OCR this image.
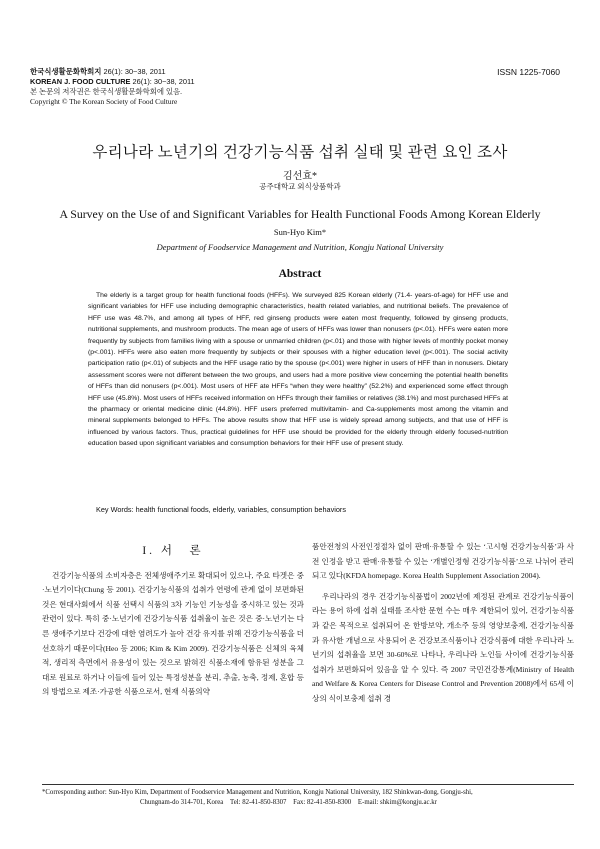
한국식생활문화학회지 26(1): 30~38, 2011
KOREAN J. FOOD CULTURE 26(1): 30~38, 2011
본 논문의 저작권은 한국식생활문화학회에 있음.
Copyright © The Korean Society of Food Culture
ISSN 1225-7060
우리나라 노년기의 건강기능식품 섭취 실태 및 관련 요인 조사
김선효*
공주대학교 외식상품학과
A Survey on the Use of and Significant Variables for Health Functional Foods Among Korean Elderly
Sun-Hyo Kim*
Department of Foodservice Management and Nutrition, Kongju National University
Abstract
The elderly is a target group for health functional foods (HFFs). We surveyed 825 Korean elderly (71.4- years-of-age) for HFF use and significant variables for HFF use including demographic characteristics, health related variables, and nutritional beliefs. The prevalence of HFF use was 48.7%, and among all types of HFF, red ginseng products were eaten most frequently, followed by ginseng products, nutritional supplements, and mushroom products. The mean age of users of HFFs was lower than nonusers (p<.01). HFFs were eaten more frequently by subjects from families living with a spouse or unmarried children (p<.01) and those with higher levels of monthly pocket money (p<.001). HFFs were also eaten more frequently by subjects or their spouses with a higher education level (p<.001). The social activity participation ratio (p<.01) of subjects and the HFF usage ratio by the spouse (p<.001) were higher in users of HFF than in nonusers. Dietary assessment scores were not different between the two groups, and users had a more positive view concerning the potential health benefits of HFFs than did nonusers (p<.001). Most users of HFF ate HFFs “when they were healthy” (52.2%) and experienced some effect through HFF use (45.8%). Most users of HFFs received information on HFFs through their families or relatives (38.1%) and most purchased HFFs at the pharmacy or oriental medicine clinic (44.8%). HFF users preferred multivitamin- and Ca-supplements most among the vitamin and mineral supplements belonged to HFFs. The above results show that HFF use is widely spread among subjects, and that use of HFF is influenced by various factors. Thus, practical guidelines for HFF use should be provided for the elderly through elderly focused-nutrition education based upon significant variables and consumption behaviors for their HFF use of present study.
Key Words: health functional foods, elderly, variables, consumption behaviors
I. 서　론

건강기능식품의 소비자층은 전체생애주기로 확대되어 있으나, 주요 타겟은 중·노년기이다(Chung 등 2001). 건강기능식품의 섭취가 연령에 관계 없이 보편화된 것은 현대사회에서 식품 선택시 식품의 3차 기능인 기능성을 중시하고 있는 것과 관련이 있다. 특히 중·노년기에 건강기능식품 섭취율이 높은 것은 중·노년기는 다른 생애주기보다 건강에 대한 염려도가 높아 건강 유지를 위해 건강기능식품을 더 선호하기 때문이다(Heo 등 2006; Kim & Kim 2009). 건강기능식품은 신체의 육체적, 생리적 측면에서 유용성이 있는 것으로 밝혀진 식품소재에 함유된 성분을 그대로 원료로 하거나 이들에 들어 있는 특정성분을 분리, 추출, 농축, 정제, 혼합 등의 방법으로 제조·가공한 식품으로서, 현재 식품의약

품안전청의 사전인정절차 없이 판매·유통할 수 있는 ‘고시형 건강기능식품’과 사전 인정을 받고 판매·유통할 수 있는 ‘개별인정형 건강기능식품’으로 나뉘어 관리되고 있다(KFDA homepage. Korea Health Supplement Association 2004).

우리나라의 경우 건강기능식품법이 2002년에 제정된 관계로 건강기능식품이라는 용어 하에 섭취 실태를 조사한 문헌 수는 매우 제한되어 있어, 건강기능식품과 같은 목적으로 섭취되어 온 한방보약, 개소주 등의 영양보충제, 건강기능식품과 유사한 개념으로 사용되어 온 건강보조식품이나 건강식품에 대한 우리나라 노년기의 섭취율을 보면 30-60%로 나타나, 우리나라 노인들 사이에 건강기능식품 섭취가 보편화되어 있음을 알 수 있다. 즉 2007 국민건강통계(Ministry of Health and Welfare & Korea Centers for Disease Control and Prevention 2008)에서 65세 이상의 식이보충제 섭취 경

*Corresponding author: Sun-Hyo Kim, Department of Foodservice Management and Nutrition, Kongju National University, 182 Shinkwan-dong, Gongju-shi,
Chungnam-do 314-701, Korea　Tel: 82-41-850-8307　Fax: 82-41-850-8300　E-mail: shkim@kongju.ac.kr
